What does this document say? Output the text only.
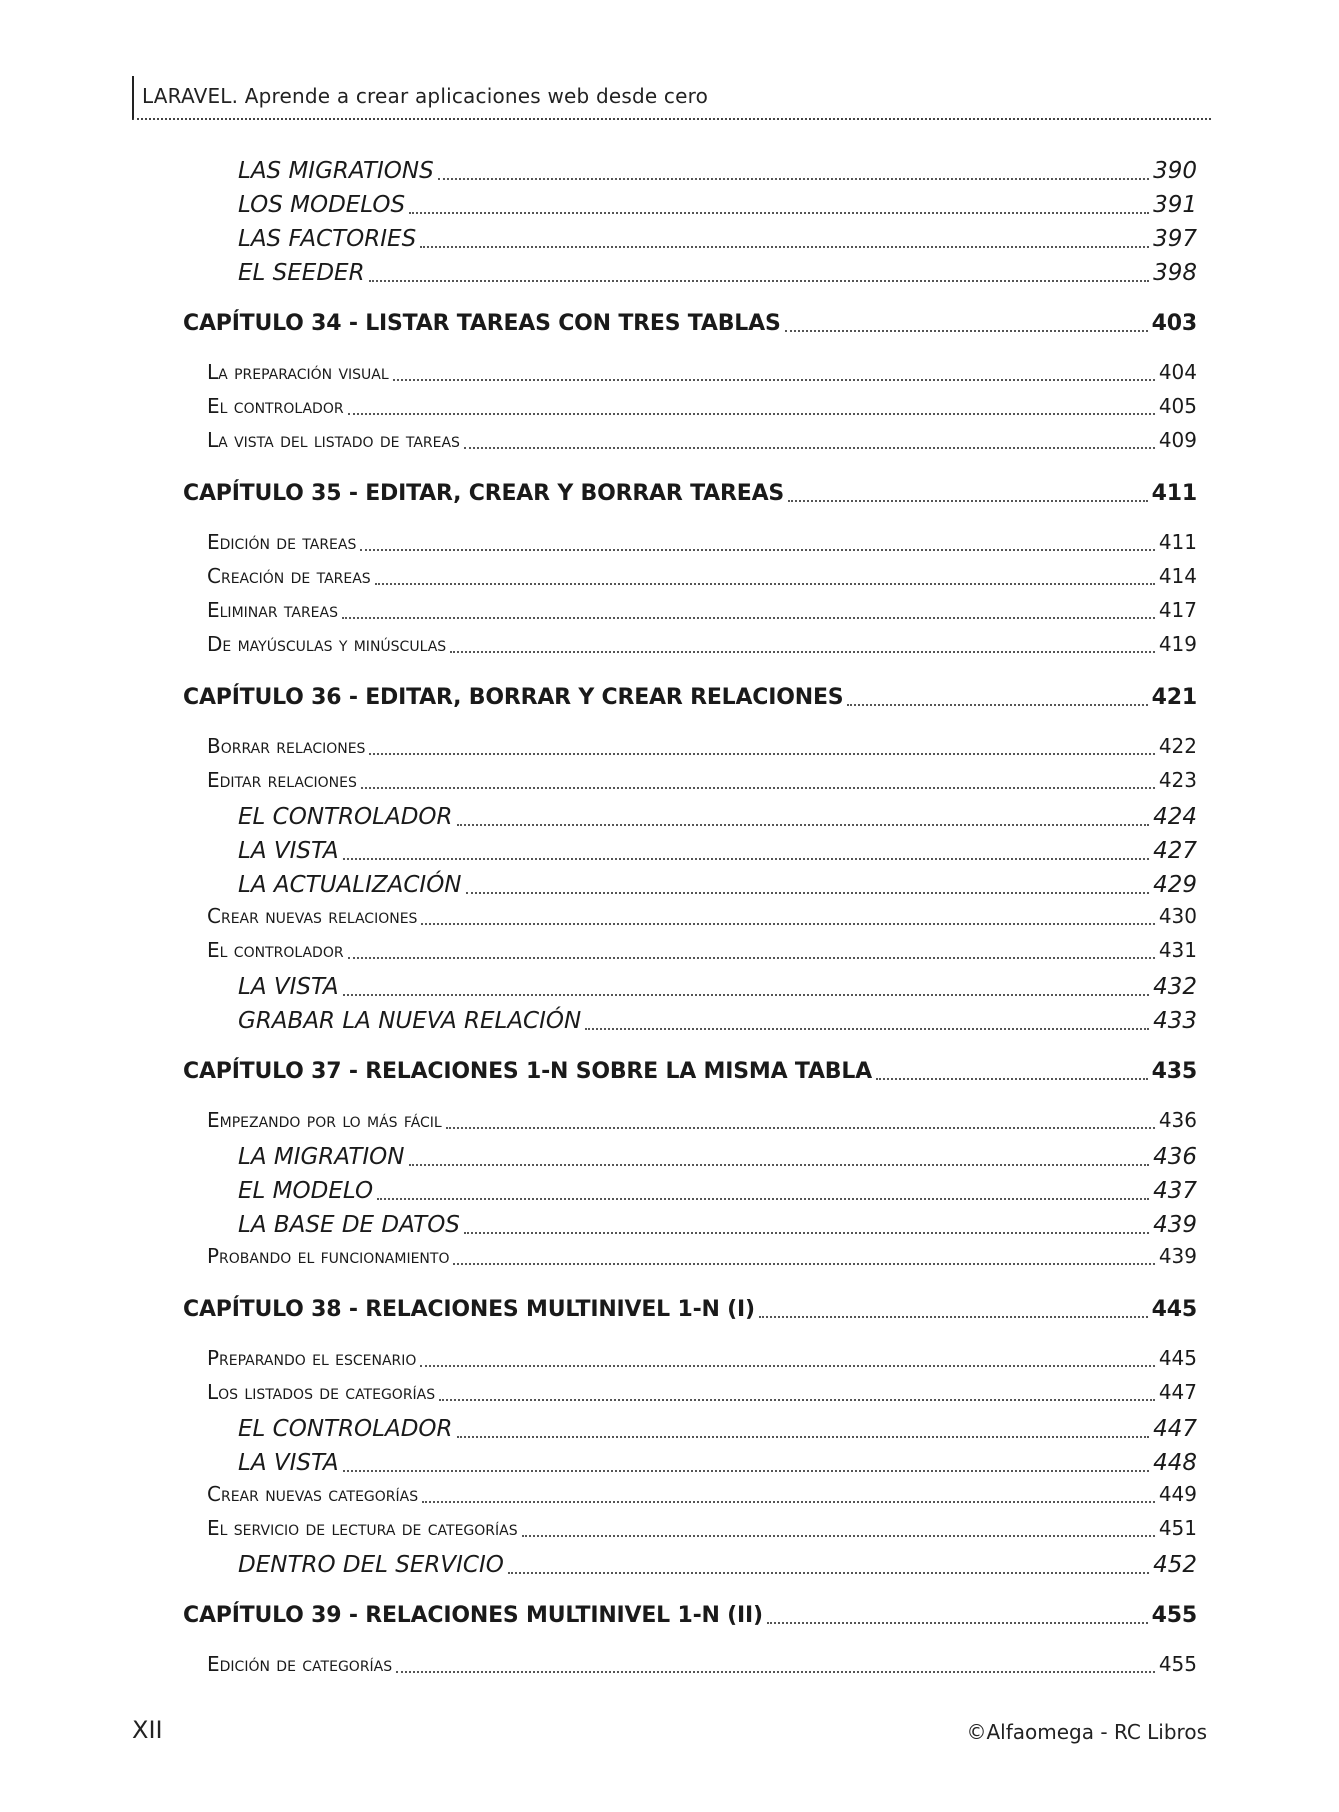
LARAVEL. Aprende a crear aplicaciones web desde cero
LAS MIGRATIONS	390
LOS MODELOS	391
LAS FACTORIES	397
EL SEEDER	398
CAPÍTULO 34 - LISTAR TAREAS CON TRES TABLAS	403
La preparación visual	404
El controlador	405
La vista del listado de tareas	409
CAPÍTULO 35 - EDITAR, CREAR Y BORRAR TAREAS	411
Edición de tareas	411
Creación de tareas	414
Eliminar tareas	417
De mayúsculas y minúsculas	419
CAPÍTULO 36 - EDITAR, BORRAR Y CREAR RELACIONES	421
Borrar relaciones	422
Editar relaciones	423
EL CONTROLADOR	424
LA VISTA	427
LA ACTUALIZACIÓN	429
Crear nuevas relaciones	430
El controlador	431
LA VISTA	432
GRABAR LA NUEVA RELACIÓN	433
CAPÍTULO 37 - RELACIONES 1-N SOBRE LA MISMA TABLA	435
Empezando por lo más fácil	436
LA MIGRATION	436
EL MODELO	437
LA BASE DE DATOS	439
Probando el funcionamiento	439
CAPÍTULO 38 - RELACIONES MULTINIVEL 1-N (I)	445
Preparando el escenario	445
Los listados de categorías	447
EL CONTROLADOR	447
LA VISTA	448
Crear nuevas categorías	449
El servicio de lectura de categorías	451
DENTRO DEL SERVICIO	452
CAPÍTULO 39 - RELACIONES MULTINIVEL 1-N (II)	455
Edición de categorías	455
XII	©Alfaomega - RC Libros
